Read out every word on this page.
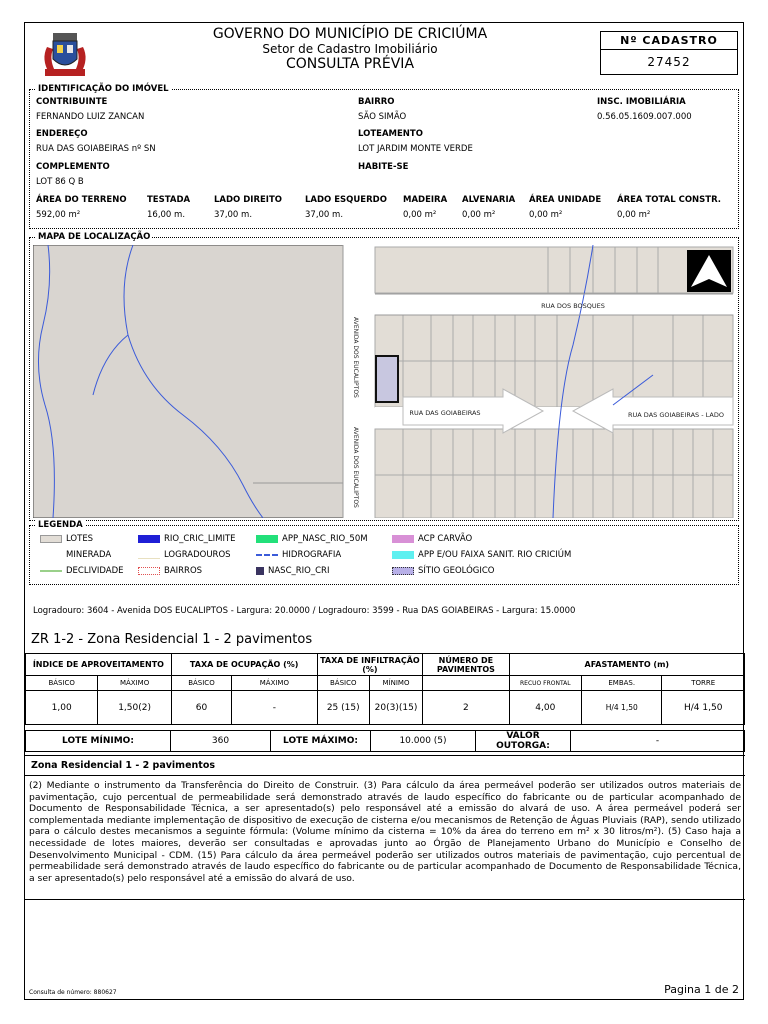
GOVERNO DO MUNICÍPIO DE CRICIÚMA
Setor de Cadastro Imobiliário
CONSULTA PRÉVIA
Nº CADASTRO
27452
IDENTIFICAÇÃO DO IMÓVEL
CONTRIBUINTE
FERNANDO LUIZ ZANCAN
BAIRRO
SÃO SIMÃO
INSC. IMOBILIÁRIA
0.56.05.1609.007.000
ENDEREÇO
RUA DAS GOIABEIRAS nº SN
LOTEAMENTO
LOT JARDIM MONTE VERDE
COMPLEMENTO
LOT 86 Q B
HABITE-SE
ÁREA DO TERRENO
592,00 m²
TESTADA
16,00 m.
LADO DIREITO
37,00 m.
LADO ESQUERDO
37,00 m.
MADEIRA
0,00 m²
ALVENARIA
0,00 m²
ÁREA UNIDADE
0,00 m²
ÁREA TOTAL CONSTR.
0,00 m²
MAPA DE LOCALIZAÇÃO
RUA DOS BOSQUES
RUA DAS GOIABEIRAS	RUA DAS GOIABEIRAS - LADO
AVENIDA DOS EUCALIPTOS
AVENIDA DOS EUCALIPTOS
LEGENDA
LOTES	RIO_CRIC_LIMITE	APP_NASC_RIO_50M	ACP CARVÃO
MINERADA	LOGRADOUROS	HIDROGRAFIA	APP E/OU FAIXA SANIT. RIO CRICIÚM
DECLIVIDADE	BAIRROS	NASC_RIO_CRI	SÍTIO GEOLÓGICO
Logradouro: 3604 - Avenida DOS EUCALIPTOS - Largura: 20.0000 / Logradouro: 3599 - Rua DAS GOIABEIRAS - Largura: 15.0000
ZR 1-2 - Zona Residencial 1 - 2 pavimentos
ÍNDICE DE APROVEITAMENTO		TAXA DE OCUPAÇÃO (%)		TAXA DE INFILTRAÇÃO (%)		NÚMERO DE PAVIMENTOS	AFASTAMENTO (m)		
BÁSICO	MÁXIMO	BÁSICO	MÁXIMO	BÁSICO	MÍNIMO		RECUO FRONTAL	EMBAS.	TORRE
1,00	1,50(2)	60	-	25 (15)	20(3)(15)	2	4,00	H/4 1,50	H/4 1,50
LOTE MÍNIMO:	360	LOTE MÁXIMO:	10.000 (5)	VALOR OUTORGA:	-
Zona Residencial 1 - 2 pavimentos
(2) Mediante o instrumento da Transferência do Direito de Construir. (3) Para cálculo da área permeável poderão ser utilizados outros materiais de pavimentação, cujo percentual de permeabilidade será demonstrado através de laudo específico do fabricante ou de particular acompanhado de Documento de Responsabilidade Técnica, a ser apresentado(s) pelo responsável até a emissão do alvará de uso. A área permeável poderá ser complementada mediante implementação de dispositivo de execução de cisterna e/ou mecanismos de Retenção de Águas Pluviais (RAP), sendo utilizado para o cálculo destes mecanismos a seguinte fórmula: (Volume mínimo da cisterna = 10% da área do terreno em m² x 30 litros/m²). (5) Caso haja a necessidade de lotes maiores, deverão ser consultadas e aprovadas junto ao Órgão de Planejamento Urbano do Município e Conselho de Desenvolvimento Municipal - CDM. (15) Para cálculo da área permeável poderão ser utilizados outros materiais de pavimentação, cujo percentual de permeabilidade será demonstrado através de laudo específico do fabricante ou de particular acompanhado de Documento de Responsabilidade Técnica, a ser apresentado(s) pelo responsável até a emissão do alvará de uso.
Consulta de número: 880627	Pagina 1 de 2
